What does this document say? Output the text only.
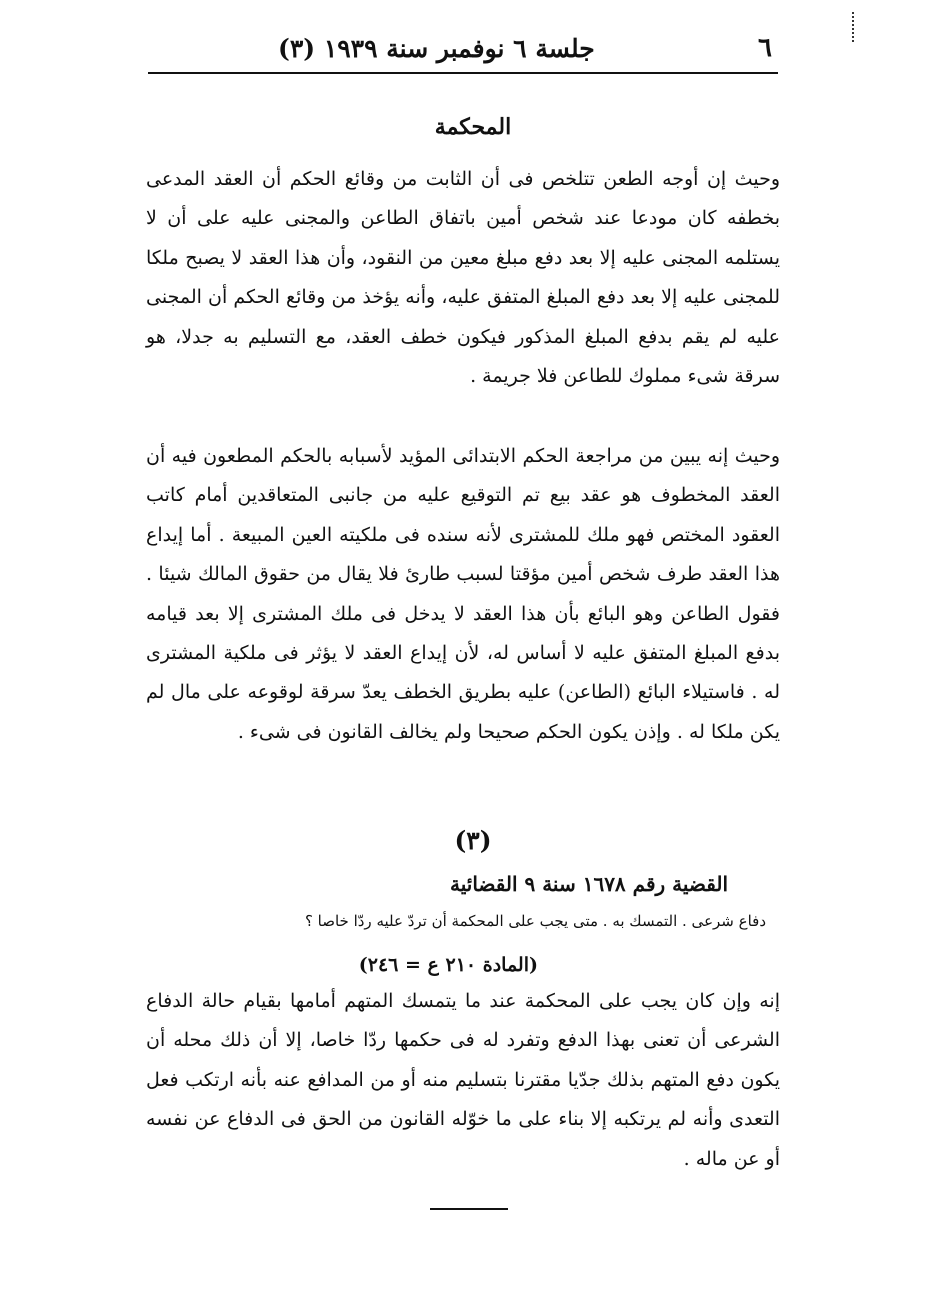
٦
جلسة ٦ نوفمبر سنة ١٩٣٩ (٣)
المحكمة

وحيث إن أوجه الطعن تتلخص فى أن الثابت من وقائع الحكم أن العقد المدعى بخطفه كان مودعا عند شخص أمين باتفاق الطاعن والمجنى عليه على أن لا يستلمه المجنى عليه إلا بعد دفع مبلغ معين من النقود، وأن هذا العقد لا يصبح ملكا للمجنى عليه إلا بعد دفع المبلغ المتفق عليه، وأنه يؤخذ من وقائع الحكم أن المجنى عليه لم يقم بدفع المبلغ المذكور فيكون خطف العقد، مع التسليم به جدلا، هو سرقة شىء مملوك للطاعن فلا جريمة .

وحيث إنه يبين من مراجعة الحكم الابتدائى المؤيد لأسبابه بالحكم المطعون فيه أن العقد المخطوف هو عقد بيع تم التوقيع عليه من جانبى المتعاقدين أمام كاتب العقود المختص فهو ملك للمشترى لأنه سنده فى ملكيته العين المبيعة . أما إيداع هذا العقد طرف شخص أمين مؤقتا لسبب طارئ فلا يقال من حقوق المالك شيئا . فقول الطاعن وهو البائع بأن هذا العقد لا يدخل فى ملك المشترى إلا بعد قيامه بدفع المبلغ المتفق عليه لا أساس له، لأن إيداع العقد لا يؤثر فى ملكية المشترى له . فاستيلاء البائع (الطاعن) عليه بطريق الخطف يعدّ سرقة لوقوعه على مال لم يكن ملكا له . وإذن يكون الحكم صحيحا ولم يخالف القانون فى شىء .

(٣)
القضية رقم ١٦٧٨ سنة ٩ القضائية
دفاع شرعى . التمسك به . متى يجب على المحكمة أن تردّ عليه ردّا خاصا ؟
(المادة ٢١٠ ع = ٢٤٦)

إنه وإن كان يجب على المحكمة عند ما يتمسك المتهم أمامها بقيام حالة الدفاع الشرعى أن تعنى بهذا الدفع وتفرد له فى حكمها ردّا خاصا، إلا أن ذلك محله أن يكون دفع المتهم بذلك جدّيا مقترنا بتسليم منه أو من المدافع عنه بأنه ارتكب فعل التعدى وأنه لم يرتكبه إلا بناء على ما خوّله القانون من الحق فى الدفاع عن نفسه أو عن ماله .
